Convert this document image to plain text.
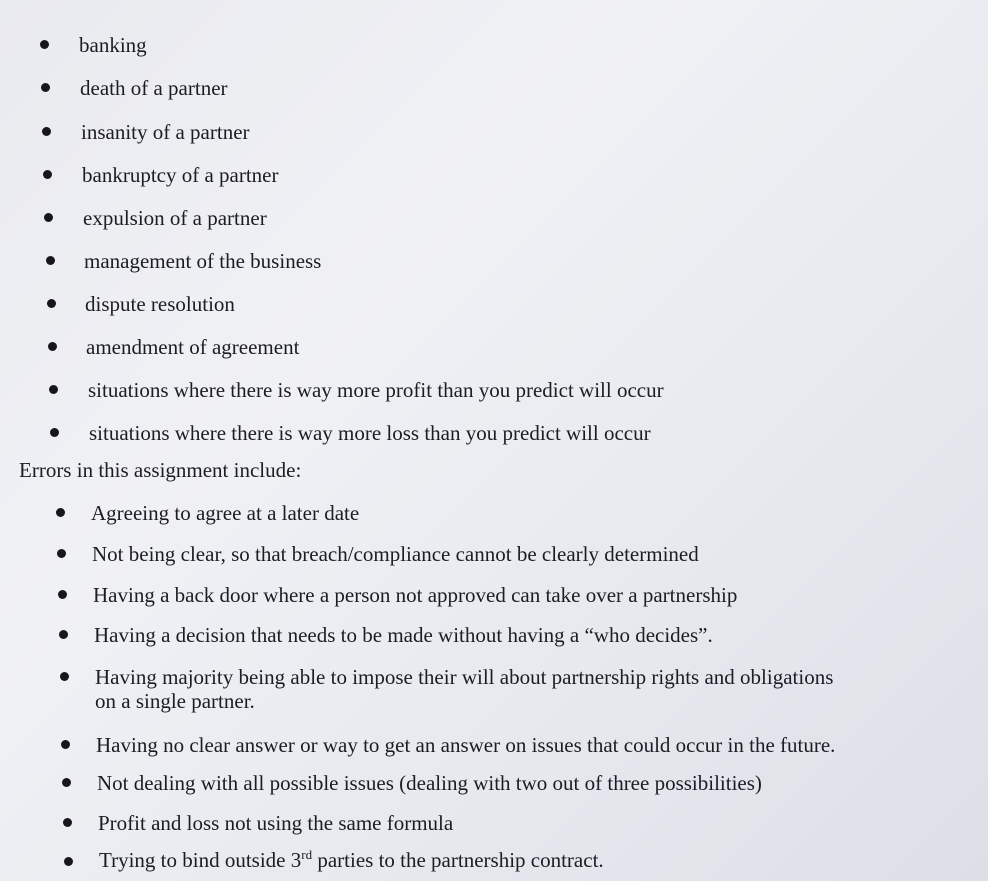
banking
death of a partner
insanity of a partner
bankruptcy of a partner
expulsion of a partner
management of the business
dispute resolution
amendment of agreement
situations where there is way more profit than you predict will occur
situations where there is way more loss than you predict will occur
Errors in this assignment include:
Agreeing to agree at a later date
Not being clear, so that breach/compliance cannot be clearly determined
Having a back door where a person not approved can take over a partnership
Having a decision that needs to be made without having a “who decides”.
Having majority being able to impose their will about partnership rights and obligations
on a single partner.
Having no clear answer or way to get an answer on issues that could occur in the future.
Not dealing with all possible issues (dealing with two out of three possibilities)
Profit and loss not using the same formula
Trying to bind outside 3rd parties to the partnership contract.
